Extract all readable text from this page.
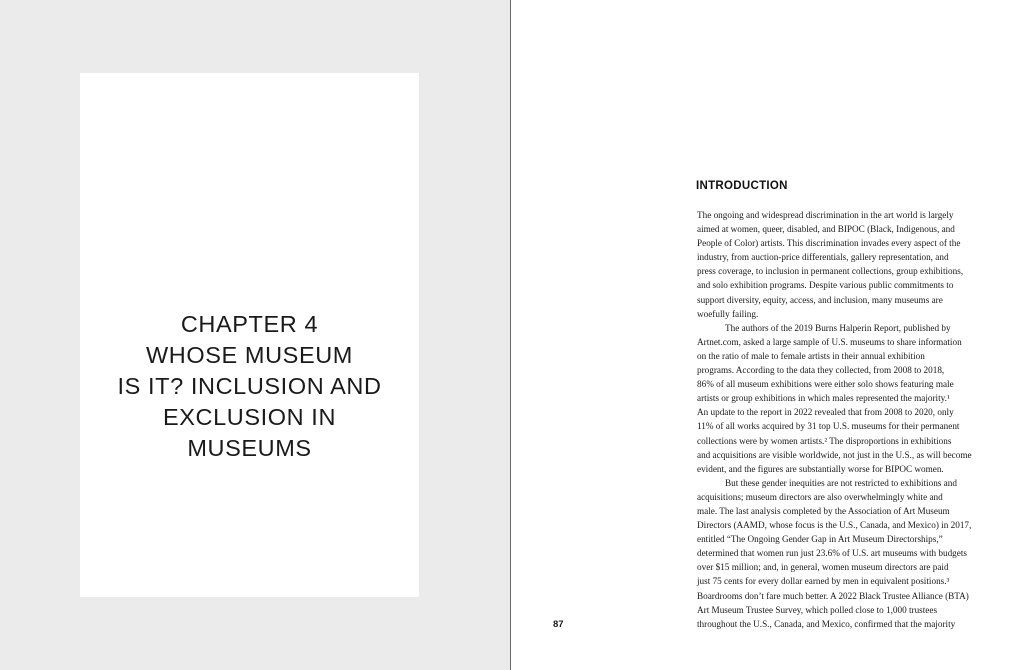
CHAPTER 4
WHOSE MUSEUM
IS IT? INCLUSION AND
EXCLUSION IN
MUSEUMS
INTRODUCTION
The ongoing and widespread discrimination in the art world is largely
aimed at women, queer, disabled, and BIPOC (Black, Indigenous, and
People of Color) artists. This discrimination invades every aspect of the
industry, from auction-price differentials, gallery representation, and
press coverage, to inclusion in permanent collections, group exhibitions,
and solo exhibition programs. Despite various public commitments to
support diversity, equity, access, and inclusion, many museums are
woefully failing.
The authors of the 2019 Burns Halperin Report, published by
Artnet.com, asked a large sample of U.S. museums to share information
on the ratio of male to female artists in their annual exhibition
programs. According to the data they collected, from 2008 to 2018,
86% of all museum exhibitions were either solo shows featuring male
artists or group exhibitions in which males represented the majority.¹
An update to the report in 2022 revealed that from 2008 to 2020, only
11% of all works acquired by 31 top U.S. museums for their permanent
collections were by women artists.² The disproportions in exhibitions
and acquisitions are visible worldwide, not just in the U.S., as will become
evident, and the figures are substantially worse for BIPOC women.
But these gender inequities are not restricted to exhibitions and
acquisitions; museum directors are also overwhelmingly white and
male. The last analysis completed by the Association of Art Museum
Directors (AAMD, whose focus is the U.S., Canada, and Mexico) in 2017,
entitled “The Ongoing Gender Gap in Art Museum Directorships,”
determined that women run just 23.6% of U.S. art museums with budgets
over $15 million; and, in general, women museum directors are paid
just 75 cents for every dollar earned by men in equivalent positions.³
Boardrooms don’t fare much better. A 2022 Black Trustee Alliance (BTA)
Art Museum Trustee Survey, which polled close to 1,000 trustees
throughout the U.S., Canada, and Mexico, confirmed that the majority
87
